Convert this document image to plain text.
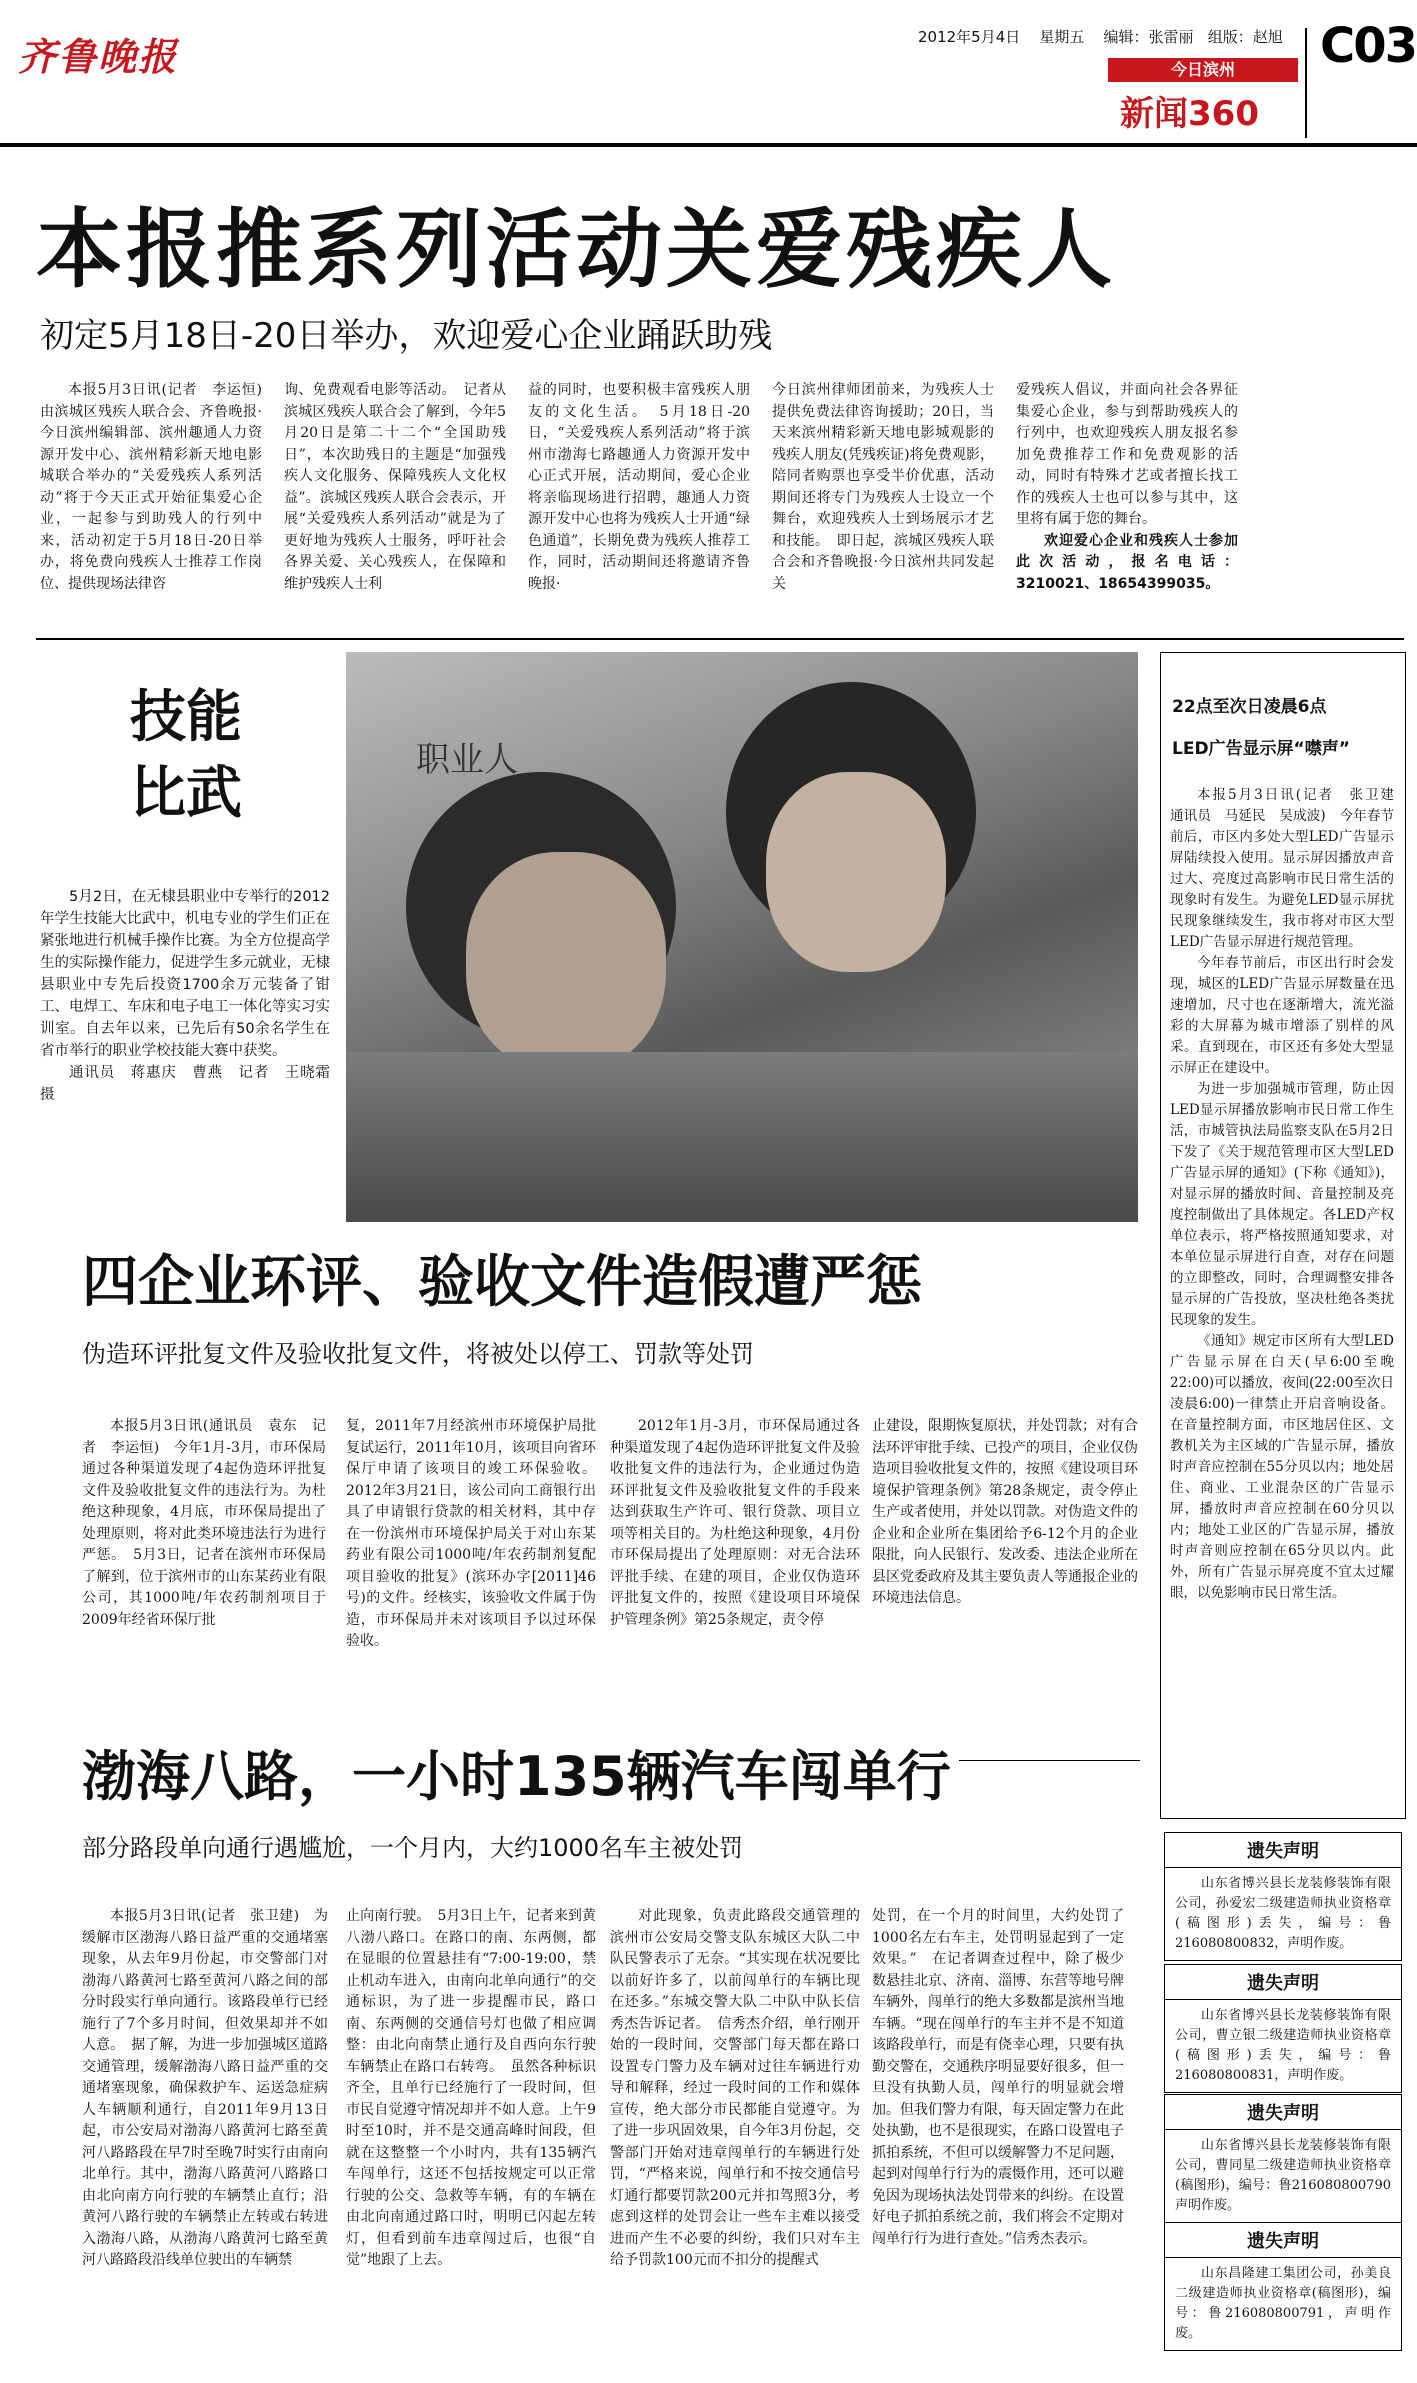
齐鲁晚报	2012年5月4日 星期五 编辑：张雷丽 组版：赵旭
今日滨州
新闻360
C03
本报推系列活动关爱残疾人
初定5月18日-20日举办，欢迎爱心企业踊跃助残

本报5月3日讯(记者　李运恒)　由滨城区残疾人联合会、齐鲁晚报·今日滨州编辑部、滨州趣通人力资源开发中心、滨州精彩新天地电影城联合举办的“关爱残疾人系列活动”将于今天正式开始征集爱心企业，一起参与到助残人的行列中来，活动初定于5月18日-20日举办，将免费向残疾人士推荐工作岗位、提供现场法律咨

询、免费观看电影等活动。　记者从滨城区残疾人联合会了解到，今年5月20日是第二十二个“全国助残日”，本次助残日的主题是“加强残疾人文化服务、保障残疾人文化权益”。滨城区残疾人联合会表示，开展“关爱残疾人系列活动”就是为了更好地为残疾人士服务，呼吁社会各界关爱、关心残疾人，在保障和维护残疾人士利

益的同时，也要积极丰富残疾人朋友的文化生活。　5月18日-20日，“关爱残疾人系列活动”将于滨州市渤海七路趣通人力资源开发中心正式开展，活动期间，爱心企业将亲临现场进行招聘，趣通人力资源开发中心也将为残疾人士开通“绿色通道”，长期免费为残疾人推荐工作，同时，活动期间还将邀请齐鲁晚报·

今日滨州律师团前来，为残疾人士提供免费法律咨询援助；20日，当天来滨州精彩新天地电影城观影的残疾人朋友(凭残疾证)将免费观影，陪同者购票也享受半价优惠，活动期间还将专门为残疾人士设立一个舞台，欢迎残疾人士到场展示才艺和技能。　即日起，滨城区残疾人联合会和齐鲁晚报·今日滨州共同发起关

爱残疾人倡议，并面向社会各界征集爱心企业，参与到帮助残疾人的行列中，也欢迎残疾人朋友报名参加免费推荐工作和免费观影的活动，同时有特殊才艺或者擅长找工作的残疾人士也可以参与其中，这里将有属于您的舞台。

欢迎爱心企业和残疾人士参加此次活动，报名电话：3210021、18654399035。

技能
比武

5月2日，在无棣县职业中专举行的2012年学生技能大比武中，机电专业的学生们正在紧张地进行机械手操作比赛。为全方位提高学生的实际操作能力，促进学生多元就业，无棣县职业中专先后投资1700余万元装备了钳工、电焊工、车床和电子电工一体化等实习实训室。自去年以来，已先后有50余名学生在省市举行的职业学校技能大赛中获奖。

通讯员　蒋惠庆　曹燕　记者　王晓霜　摄

职业人
22点至次日凌晨6点
LED广告显示屏“噤声”

本报5月3日讯(记者　张卫建　通讯员　马延民　吴成波)　今年春节前后，市区内多处大型LED广告显示屏陆续投入使用。显示屏因播放声音过大、亮度过高影响市民日常生活的现象时有发生。为避免LED显示屏扰民现象继续发生，我市将对市区大型LED广告显示屏进行规范管理。

今年春节前后，市区出行时会发现，城区的LED广告显示屏数量在迅速增加，尺寸也在逐渐增大，流光溢彩的大屏幕为城市增添了别样的风采。直到现在，市区还有多处大型显示屏正在建设中。

为进一步加强城市管理，防止因LED显示屏播放影响市民日常工作生活，市城管执法局监察支队在5月2日下发了《关于规范管理市区大型LED广告显示屏的通知》(下称《通知》)，对显示屏的播放时间、音量控制及亮度控制做出了具体规定。各LED产权单位表示，将严格按照通知要求，对本单位显示屏进行自查，对存在问题的立即整改，同时，合理调整安排各显示屏的广告投放，坚决杜绝各类扰民现象的发生。

《通知》规定市区所有大型LED广告显示屏在白天(早6:00至晚22:00)可以播放，夜间(22:00至次日凌晨6:00)一律禁止开启音响设备。在音量控制方面，市区地居住区、文教机关为主区域的广告显示屏，播放时声音应控制在55分贝以内；地处居住、商业、工业混杂区的广告显示屏，播放时声音应控制在60分贝以内；地处工业区的广告显示屏，播放时声音则应控制在65分贝以内。此外，所有广告显示屏亮度不宜太过耀眼，以免影响市民日常生活。

四企业环评、验收文件造假遭严惩
伪造环评批复文件及验收批复文件，将被处以停工、罚款等处罚

本报5月3日讯(通讯员　袁东　记者　李运恒)　今年1月-3月，市环保局通过各种渠道发现了4起伪造环评批复文件及验收批复文件的违法行为。为杜绝这种现象，4月底，市环保局提出了处理原则，将对此类环境违法行为进行严惩。　5月3日，记者在滨州市环保局了解到，位于滨州市的山东某药业有限公司，其1000吨/年农药制剂项目于2009年经省环保厅批

复，2011年7月经滨州市环境保护局批复试运行，2011年10月，该项目向省环保厅申请了该项目的竣工环保验收。2012年3月21日，该公司向工商银行出具了申请银行贷款的相关材料，其中存在一份滨州市环境保护局关于对山东某药业有限公司1000吨/年农药制剂复配项目验收的批复》(滨环办字[2011]46号)的文件。经核实，该验收文件属于伪造，市环保局并未对该项目予以过环保验收。

2012年1月-3月，市环保局通过各种渠道发现了4起伪造环评批复文件及验收批复文件的违法行为，企业通过伪造环评批复文件及验收批复文件的手段来达到获取生产许可、银行贷款、项目立项等相关目的。为杜绝这种现象，4月份市环保局提出了处理原则：对无合法环评批手续、在建的项目，企业仅伪造环评批复文件的，按照《建设项目环境保护管理条例》第25条规定，责令停

止建设，限期恢复原状，并处罚款；对有合法环评审批手续、已投产的项目，企业仅伪造项目验收批复文件的，按照《建设项目环境保护管理条例》第28条规定，责令停止生产或者使用，并处以罚款。对伪造文件的企业和企业所在集团给予6-12个月的企业限批，向人民银行、发改委、违法企业所在县区党委政府及其主要负责人等通报企业的环境违法信息。

渤海八路，一小时135辆汽车闯单行
部分路段单向通行遇尴尬，一个月内，大约1000名车主被处罚

本报5月3日讯(记者　张卫建)　为缓解市区渤海八路日益严重的交通堵塞现象，从去年9月份起，市交警部门对渤海八路黄河七路至黄河八路之间的部分时段实行单向通行。该路段单行已经施行了7个多月时间，但效果却并不如人意。　据了解，为进一步加强城区道路交通管理，缓解渤海八路日益严重的交通堵塞现象，确保救护车、运送急症病人车辆顺利通行，自2011年9月13日起，市公安局对渤海八路黄河七路至黄河八路路段在早7时至晚7时实行由南向北单行。其中，渤海八路黄河八路路口由北向南方向行驶的车辆禁止直行；沿黄河八路行驶的车辆禁止左转或右转进入渤海八路，从渤海八路黄河七路至黄河八路路段沿线单位驶出的车辆禁

止向南行驶。　5月3日上午，记者来到黄八渤八路口。在路口的南、东两侧，都在显眼的位置悬挂有“7:00-19:00，禁止机动车进入，由南向北单向通行”的交通标识，为了进一步提醒市民，路口南、东两侧的交通信号灯也做了相应调整：由北向南禁止通行及自西向东行驶车辆禁止在路口右转弯。　虽然各种标识齐全，且单行已经施行了一段时间，但市民自觉遵守情况却并不如人意。上午9时至10时，并不是交通高峰时间段，但就在这整整一个小时内，共有135辆汽车闯单行，这还不包括按规定可以正常行驶的公交、急救等车辆，有的车辆在由北向南通过路口时，明明已闪起左转灯，但看到前车违章闯过后，也很“自觉”地跟了上去。

对此现象，负责此路段交通管理的滨州市公安局交警支队东城区大队二中队民警表示了无奈。“其实现在状况要比以前好许多了，以前闯单行的车辆比现在还多。”东城交警大队二中队中队长信秀杰告诉记者。　信秀杰介绍，单行刚开始的一段时间，交警部门每天都在路口设置专门警力及车辆对过往车辆进行劝导和解释，经过一段时间的工作和媒体宣传，绝大部分市民都能自觉遵守。为了进一步巩固效果，自今年3月份起，交警部门开始对违章闯单行的车辆进行处罚，“严格来说，闯单行和不按交通信号灯通行都要罚款200元并扣驾照3分，考虑到这样的处罚会让一些车主难以接受进而产生不必要的纠纷，我们只对车主给予罚款100元而不扣分的提醒式

处罚，在一个月的时间里，大约处罚了1000名左右车主，处罚明显起到了一定效果。”　在记者调查过程中，除了极少数悬挂北京、济南、淄博、东营等地号牌车辆外，闯单行的绝大多数都是滨州当地车辆。“现在闯单行的车主并不是不知道该路段单行，而是有侥幸心理，只要有执勤交警在，交通秩序明显要好很多，但一旦没有执勤人员，闯单行的明显就会增加。但我们警力有限，每天固定警力在此处执勤，也不是很现实，在路口设置电子抓拍系统，不但可以缓解警力不足问题，起到对闯单行行为的震慑作用，还可以避免因为现场执法处罚带来的纠纷。在设置好电子抓拍系统之前，我们将会不定期对闯单行行为进行查处。”信秀杰表示。

遗失声明
山东省博兴县长龙装修装饰有限公司，孙爱宏二级建造师执业资格章(稿图形)丢失，编号：鲁216080800832，声明作废。
遗失声明
山东省博兴县长龙装修装饰有限公司，曹立银二级建造师执业资格章(稿图形)丢失，编号：鲁216080800831，声明作废。
遗失声明
山东省博兴县长龙装修装饰有限公司，曹同星二级建造师执业资格章(稿图形)，编号：鲁216080800790声明作废。
遗失声明
山东昌隆建工集团公司，孙美良二级建造师执业资格章(稿图形)，编号：鲁216080800791，声明作废。
